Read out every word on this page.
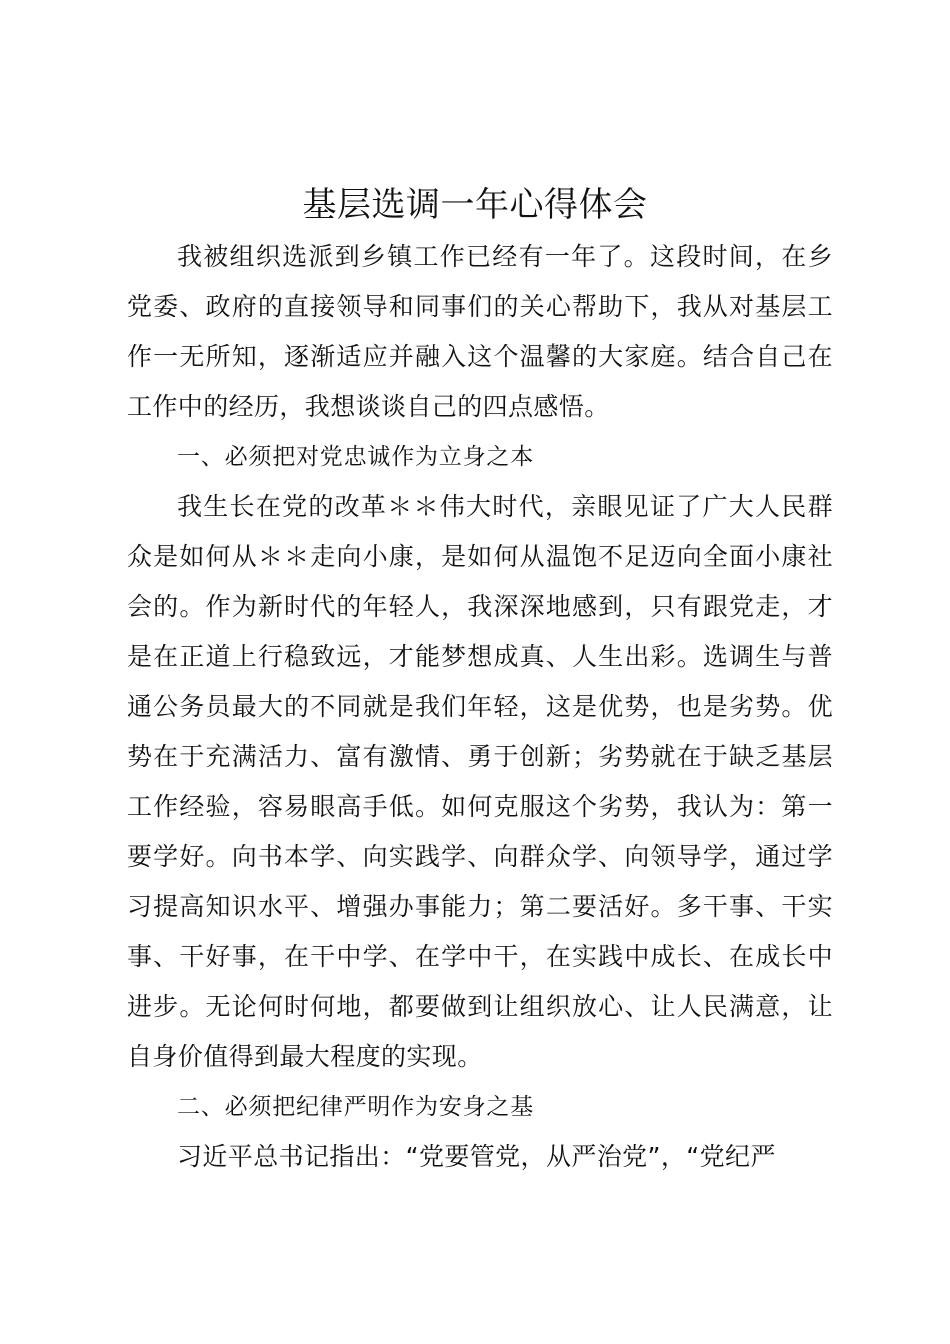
基层选调一年心得体会

我被组织选派到乡镇工作已经有一年了。这段时间，在乡党委、政府的直接领导和同事们的关心帮助下，我从对基层工作一无所知，逐渐适应并融入这个温馨的大家庭。结合自己在工作中的经历，我想谈谈自己的四点感悟。

一、必须把对党忠诚作为立身之本

我生长在党的改革＊＊伟大时代，亲眼见证了广大人民群众是如何从＊＊走向小康，是如何从温饱不足迈向全面小康社会的。作为新时代的年轻人，我深深地感到，只有跟党走，才是在正道上行稳致远，才能梦想成真、人生出彩。选调生与普通公务员最大的不同就是我们年轻，这是优势，也是劣势。优势在于充满活力、富有激情、勇于创新；劣势就在于缺乏基层工作经验，容易眼高手低。如何克服这个劣势，我认为：第一要学好。向书本学、向实践学、向群众学、向领导学，通过学习提高知识水平、增强办事能力；第二要活好。多干事、干实事、干好事，在干中学、在学中干，在实践中成长、在成长中进步。无论何时何地，都要做到让组织放心、让人民满意，让自身价值得到最大程度的实现。

二、必须把纪律严明作为安身之基

习近平总书记指出：“党要管党，从严治党”，“党纪严
